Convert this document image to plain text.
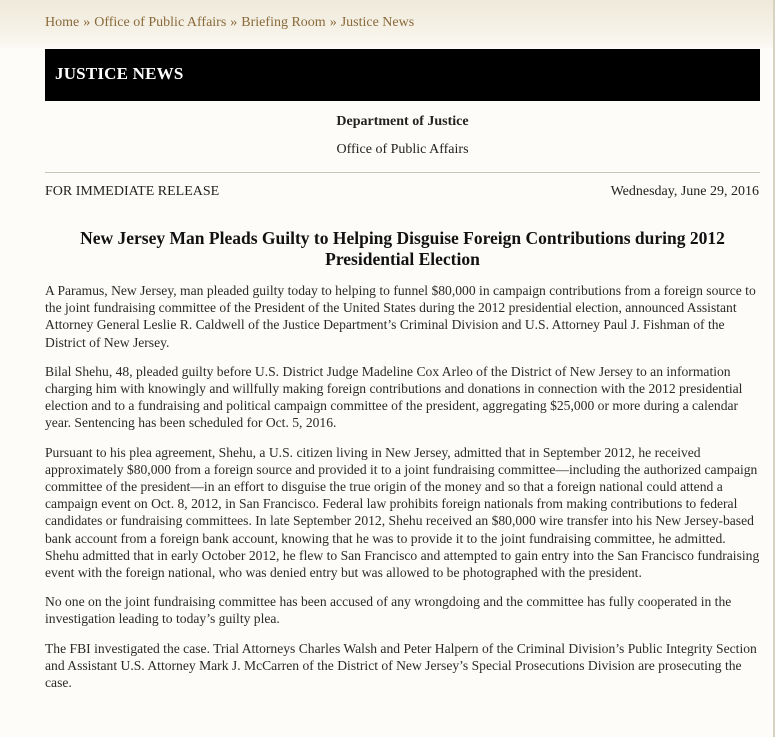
Home » Office of Public Affairs » Briefing Room » Justice News
JUSTICE NEWS
Department of Justice
Office of Public Affairs
FOR IMMEDIATE RELEASE	Wednesday, June 29, 2016
New Jersey Man Pleads Guilty to Helping Disguise Foreign Contributions during 2012 Presidential Election

A Paramus, New Jersey, man pleaded guilty today to helping to funnel $80,000 in campaign contributions from a foreign source to the joint fundraising committee of the President of the United States during the 2012 presidential election, announced Assistant Attorney General Leslie R. Caldwell of the Justice Department’s Criminal Division and U.S. Attorney Paul J. Fishman of the District of New Jersey.

Bilal Shehu, 48, pleaded guilty before U.S. District Judge Madeline Cox Arleo of the District of New Jersey to an information charging him with knowingly and willfully making foreign contributions and donations in connection with the 2012 presidential election and to a fundraising and political campaign committee of the president, aggregating $25,000 or more during a calendar year. Sentencing has been scheduled for Oct. 5, 2016.

Pursuant to his plea agreement, Shehu, a U.S. citizen living in New Jersey, admitted that in September 2012, he received approximately $80,000 from a foreign source and provided it to a joint fundraising committee—including the authorized campaign committee of the president—in an effort to disguise the true origin of the money and so that a foreign national could attend a campaign event on Oct. 8, 2012, in San Francisco. Federal law prohibits foreign nationals from making contributions to federal candidates or fundraising committees. In late September 2012, Shehu received an $80,000 wire transfer into his New Jersey-based bank account from a foreign bank account, knowing that he was to provide it to the joint fundraising committee, he admitted. Shehu admitted that in early October 2012, he flew to San Francisco and attempted to gain entry into the San Francisco fundraising event with the foreign national, who was denied entry but was allowed to be photographed with the president.

No one on the joint fundraising committee has been accused of any wrongdoing and the committee has fully cooperated in the investigation leading to today’s guilty plea.

The FBI investigated the case. Trial Attorneys Charles Walsh and Peter Halpern of the Criminal Division’s Public Integrity Section and Assistant U.S. Attorney Mark J. McCarren of the District of New Jersey’s Special Prosecutions Division are prosecuting the case.
